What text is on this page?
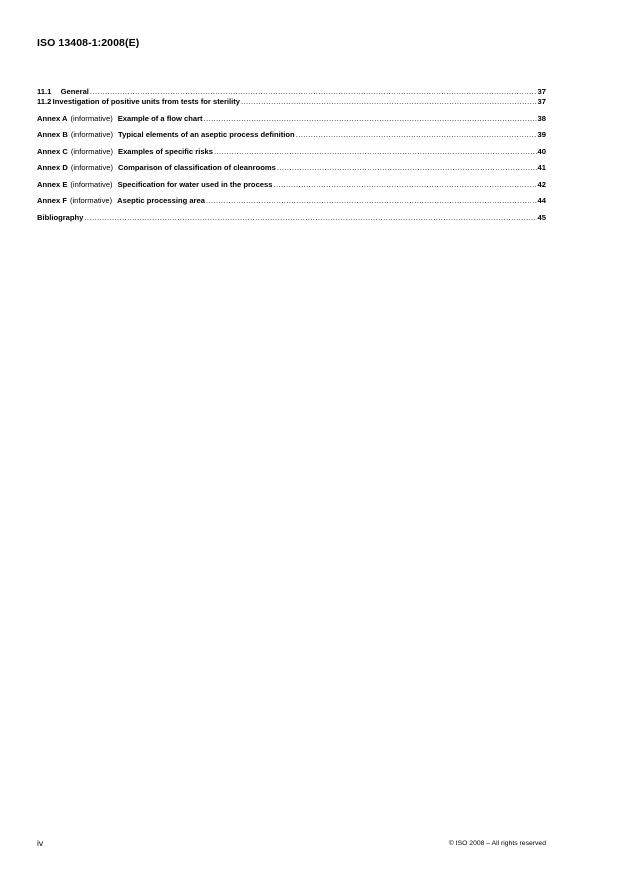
ISO 13408-1:2008(E)
11.1	General .....	37
11.2 Investigation of positive units from tests for sterility .....	37
Annex A (informative) Example of a flow chart .....	38
Annex B (informative) Typical elements of an aseptic process definition .....	39
Annex C (informative) Examples of specific risks .....	40
Annex D (informative) Comparison of classification of cleanrooms .....	41
Annex E (informative) Specification for water used in the process .....	42
Annex F (informative) Aseptic processing area .....	44
Bibliography .....	45
iv	© ISO 2008 – All rights reserved
